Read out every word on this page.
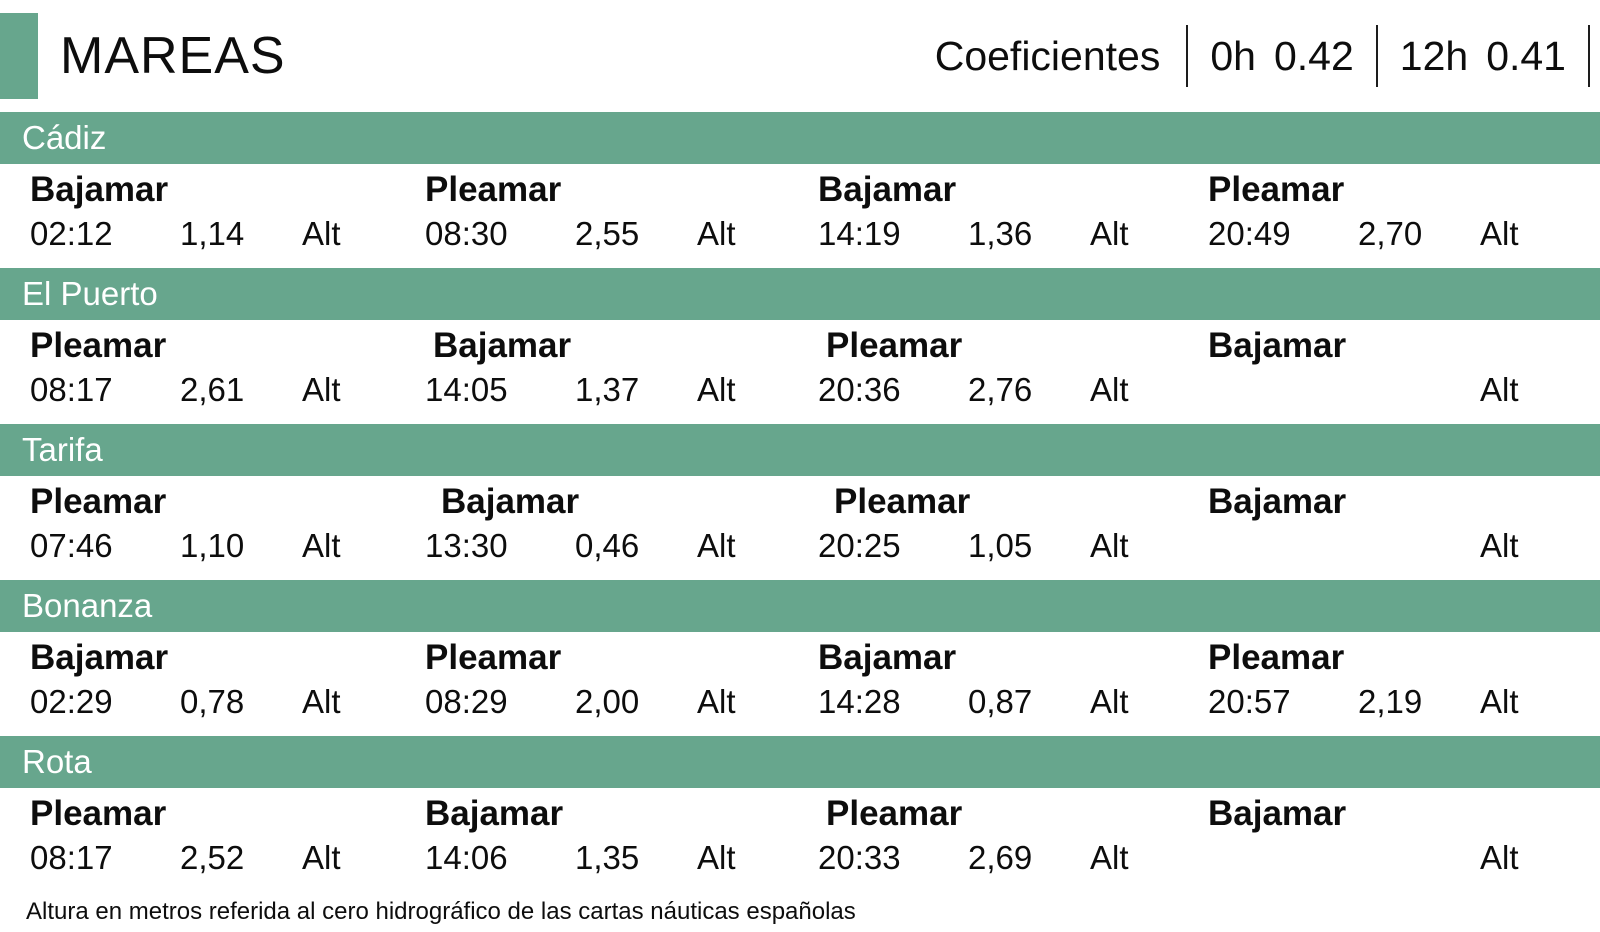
MAREAS	Coeficientes	0h 0.42 12h 0.41
Cádiz
Bajamar
02:12 1,14 Alt
Pleamar
08:30 2,55 Alt
Bajamar
14:19 1,36 Alt
Pleamar
20:49 2,70 Alt
El Puerto
Pleamar
08:17 2,61 Alt
Bajamar
14:05 1,37 Alt
Pleamar
20:36 2,76 Alt
Bajamar
Alt
Tarifa
Pleamar
07:46 1,10 Alt
Bajamar
13:30 0,46 Alt
Pleamar
20:25 1,05 Alt
Bajamar
Alt
Bonanza
Bajamar
02:29 0,78 Alt
Pleamar
08:29 2,00 Alt
Bajamar
14:28 0,87 Alt
Pleamar
20:57 2,19 Alt
Rota
Pleamar
08:17 2,52 Alt
Bajamar
14:06 1,35 Alt
Pleamar
20:33 2,69 Alt
Bajamar
Alt
Altura en metros referida al cero hidrográfico de las cartas náuticas españolas
